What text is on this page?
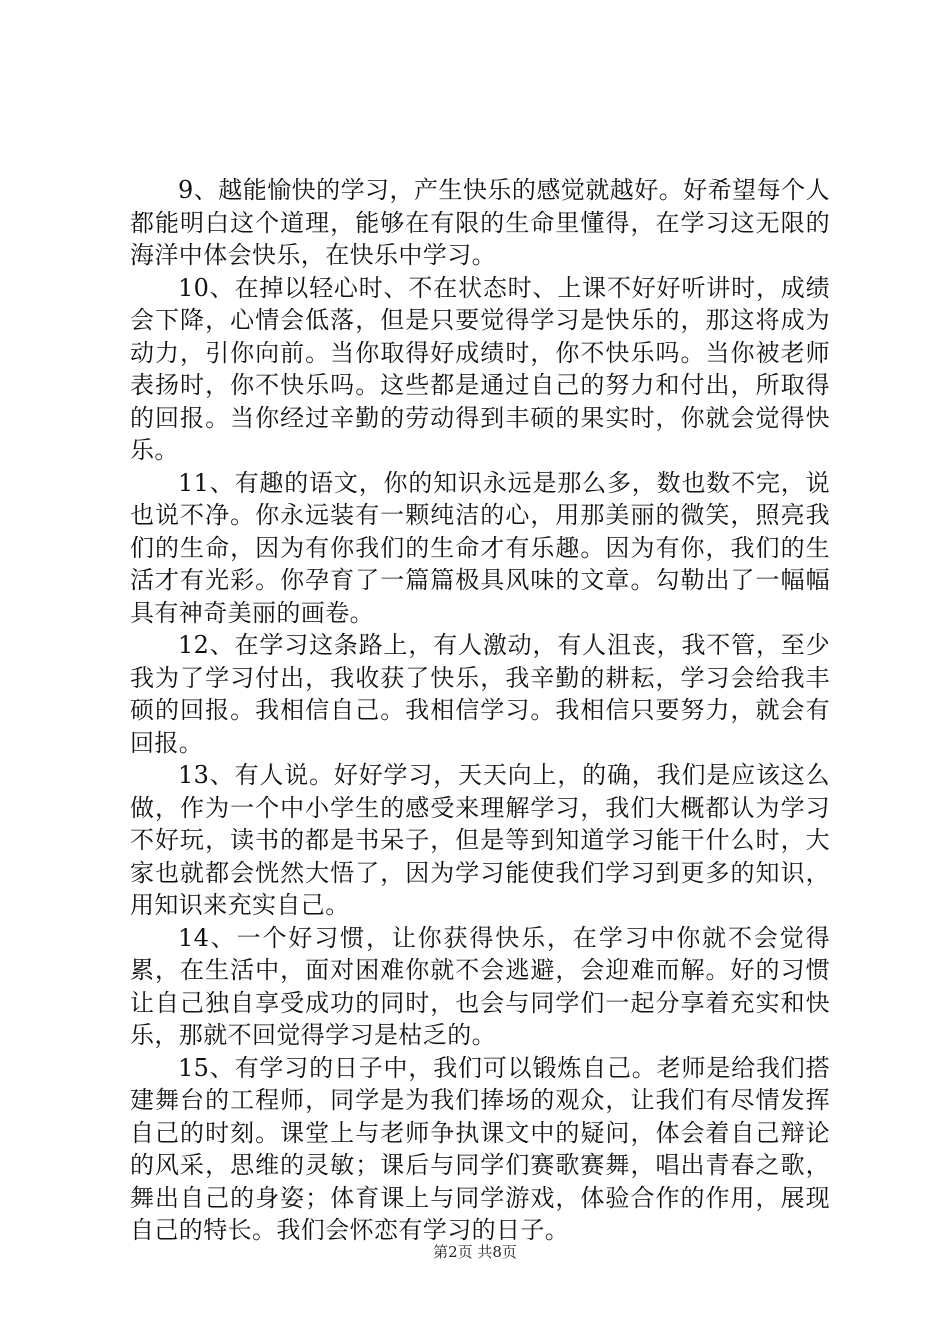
9、越能愉快的学习，产生快乐的感觉就越好。好希望每个人都能明白这个道理，能够在有限的生命里懂得，在学习这无限的海洋中体会快乐，在快乐中学习。

10、在掉以轻心时、不在状态时、上课不好好听讲时，成绩会下降，心情会低落，但是只要觉得学习是快乐的，那这将成为动力，引你向前。当你取得好成绩时，你不快乐吗。当你被老师表扬时，你不快乐吗。这些都是通过自己的努力和付出，所取得的回报。当你经过辛勤的劳动得到丰硕的果实时，你就会觉得快乐。

11、有趣的语文，你的知识永远是那么多，数也数不完，说也说不净。你永远装有一颗纯洁的心，用那美丽的微笑，照亮我们的生命，因为有你我们的生命才有乐趣。因为有你，我们的生活才有光彩。你孕育了一篇篇极具风味的文章。勾勒出了一幅幅具有神奇美丽的画卷。

12、在学习这条路上，有人激动，有人沮丧，我不管，至少我为了学习付出，我收获了快乐，我辛勤的耕耘，学习会给我丰硕的回报。我相信自己。我相信学习。我相信只要努力，就会有回报。

13、有人说。好好学习，天天向上，的确，我们是应该这么做，作为一个中小学生的感受来理解学习，我们大概都认为学习不好玩，读书的都是书呆子，但是等到知道学习能干什么时，大家也就都会恍然大悟了，因为学习能使我们学习到更多的知识，用知识来充实自己。

14、一个好习惯，让你获得快乐，在学习中你就不会觉得累，在生活中，面对困难你就不会逃避，会迎难而解。好的习惯让自己独自享受成功的同时，也会与同学们一起分享着充实和快乐，那就不回觉得学习是枯乏的。

15、有学习的日子中，我们可以锻炼自己。老师是给我们搭建舞台的工程师，同学是为我们捧场的观众，让我们有尽情发挥自己的时刻。课堂上与老师争执课文中的疑问，体会着自己辩论的风采，思维的灵敏；课后与同学们赛歌赛舞，唱出青春之歌，舞出自己的身姿；体育课上与同学游戏，体验合作的作用，展现自己的特长。我们会怀恋有学习的日子。

第2页 共8页
